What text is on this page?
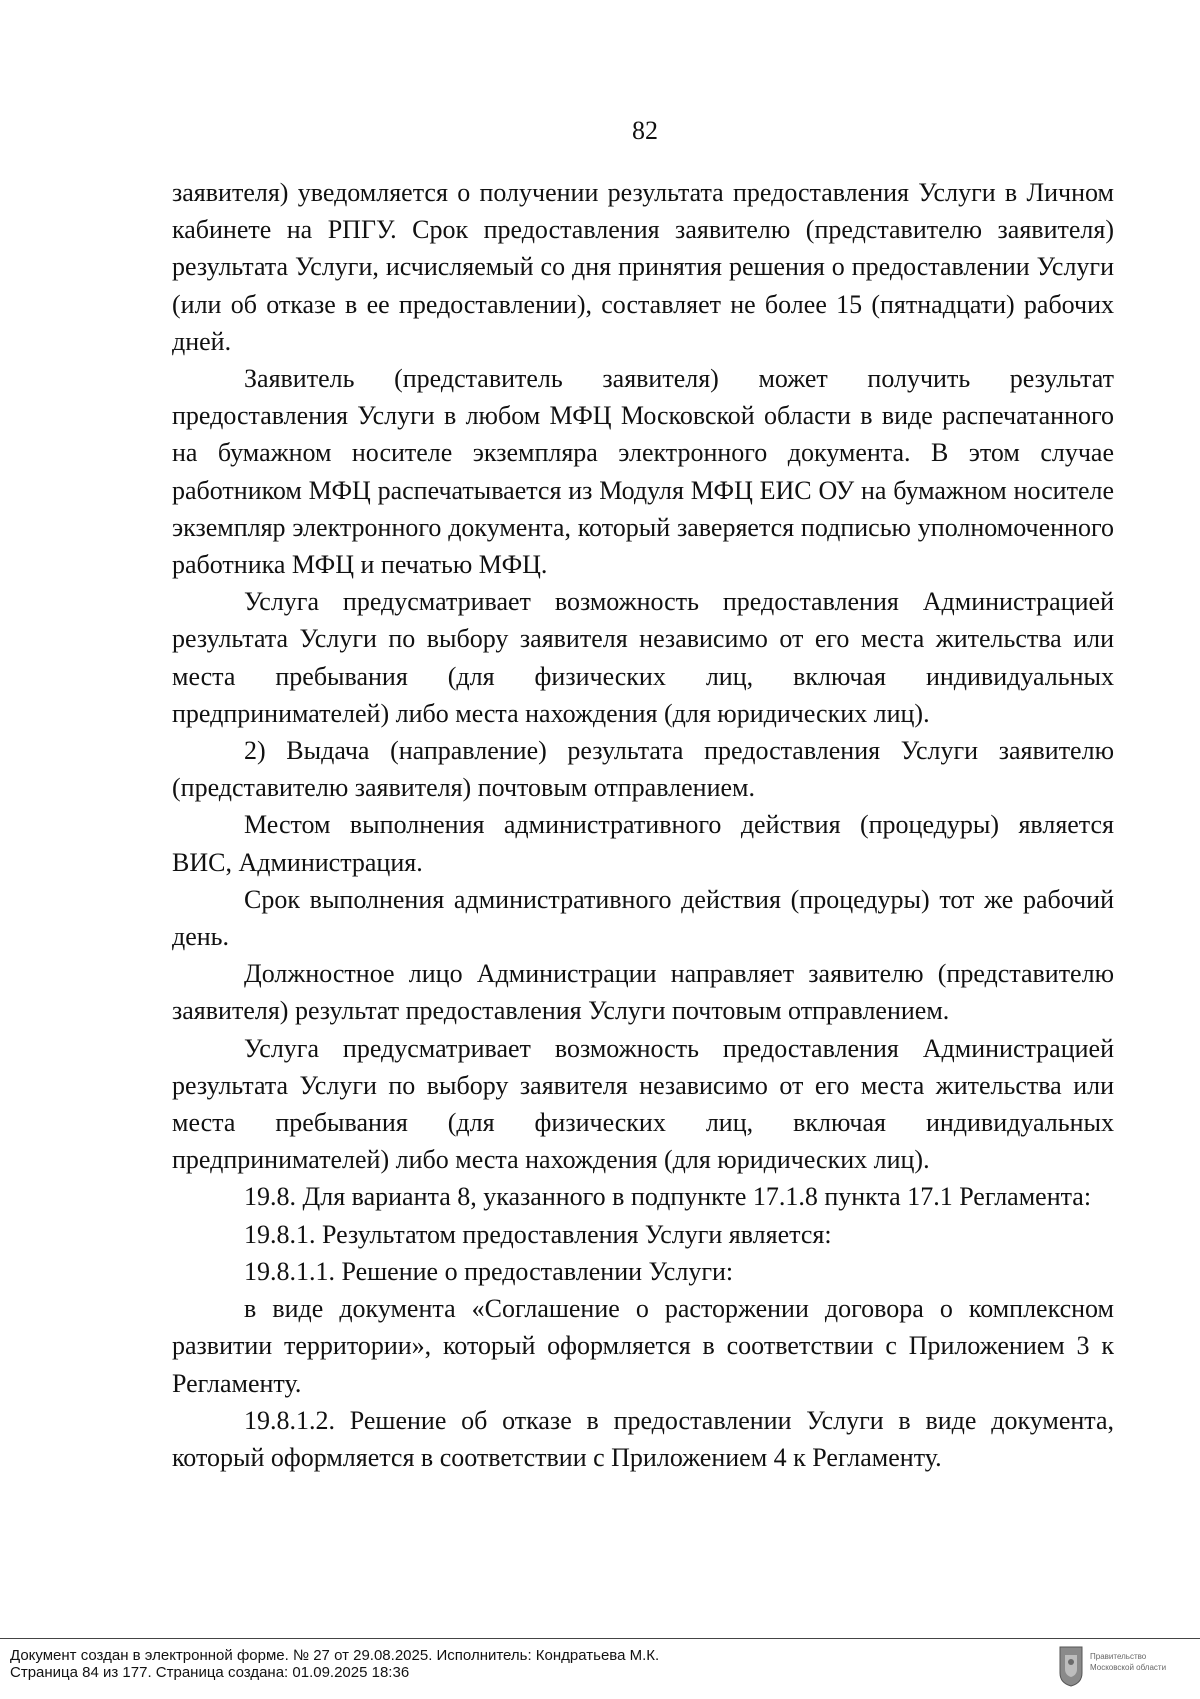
82

заявителя) уведомляется о получении результата предоставления Услуги в Личном кабинете на РПГУ. Срок предоставления заявителю (представителю заявителя) результата Услуги, исчисляемый со дня принятия решения о предоставлении Услуги (или об отказе в ее предоставлении), составляет не более 15 (пятнадцати) рабочих дней.

Заявитель (представитель заявителя) может получить результат предоставления Услуги в любом МФЦ Московской области в виде распечатанного на бумажном носителе экземпляра электронного документа. В этом случае работником МФЦ распечатывается из Модуля МФЦ ЕИС ОУ на бумажном носителе экземпляр электронного документа, который заверяется подписью уполномоченного работника МФЦ и печатью МФЦ.

Услуга предусматривает возможность предоставления Администрацией результата Услуги по выбору заявителя независимо от его места жительства или места пребывания (для физических лиц, включая индивидуальных предпринимателей) либо места нахождения (для юридических лиц).

2) Выдача (направление) результата предоставления Услуги заявителю (представителю заявителя) почтовым отправлением.

Местом выполнения административного действия (процедуры) является ВИС, Администрация.

Срок выполнения административного действия (процедуры) тот же рабочий день.

Должностное лицо Администрации направляет заявителю (представителю заявителя) результат предоставления Услуги почтовым отправлением.

Услуга предусматривает возможность предоставления Администрацией результата Услуги по выбору заявителя независимо от его места жительства или места пребывания (для физических лиц, включая индивидуальных предпринимателей) либо места нахождения (для юридических лиц).

19.8. Для варианта 8, указанного в подпункте 17.1.8 пункта 17.1 Регламента:

19.8.1. Результатом предоставления Услуги является:

19.8.1.1. Решение о предоставлении Услуги:

в виде документа «Соглашение о расторжении договора о комплексном развитии территории», который оформляется в соответствии с Приложением 3 к Регламенту.

19.8.1.2. Решение об отказе в предоставлении Услуги в виде документа, который оформляется в соответствии с Приложением 4 к Регламенту.

Документ создан в электронной форме. № 27 от 29.08.2025. Исполнитель: Кондратьева М.К.
Страница 84 из 177. Страница создана: 01.09.2025 18:36
Правительство
Московской области
